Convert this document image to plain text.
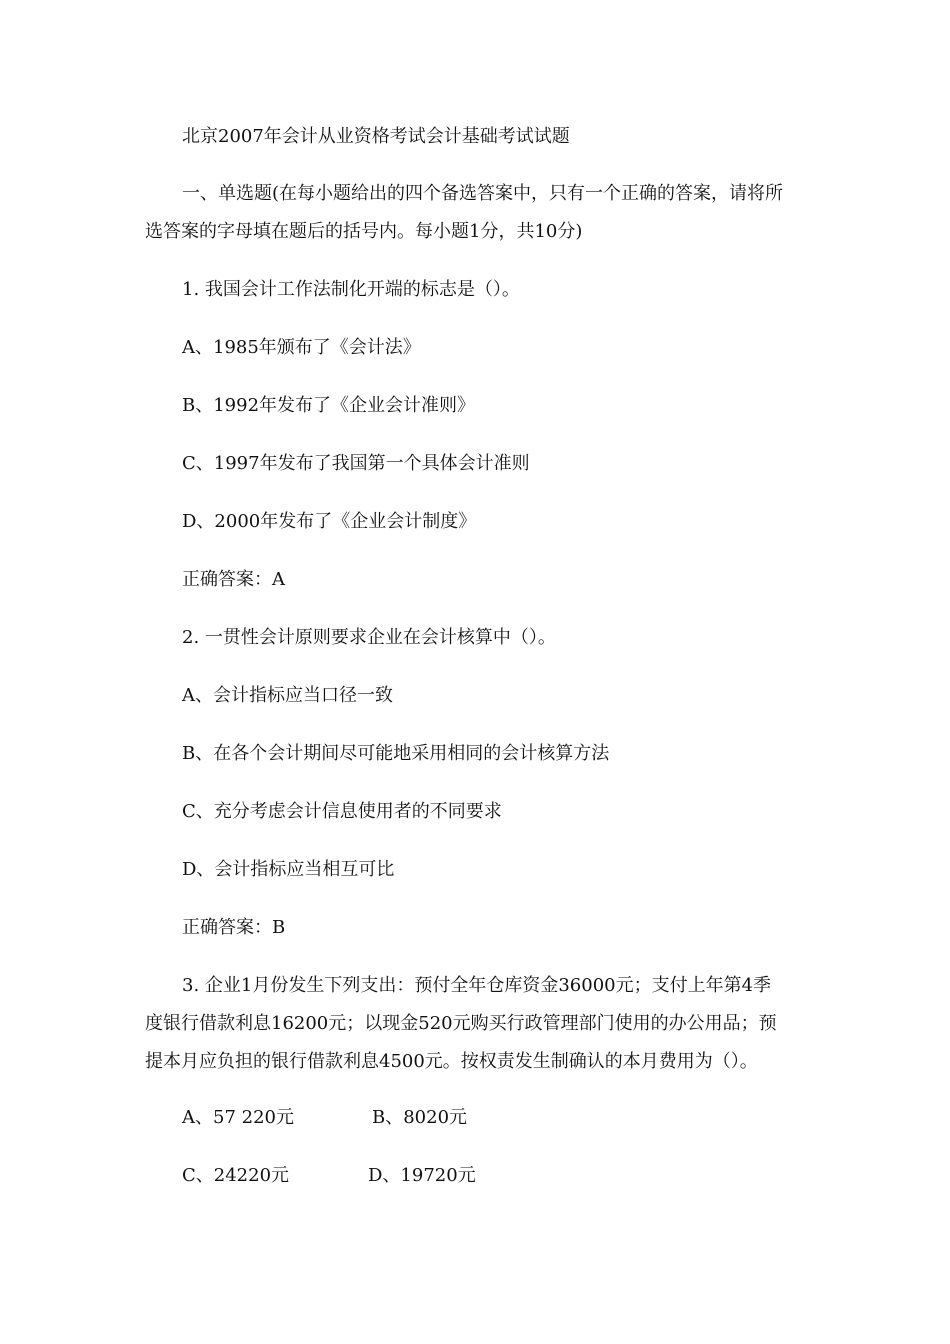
北京2007年会计从业资格考试会计基础考试试题
一、单选题(在每小题给出的四个备选答案中，只有一个正确的答案，请将所
选答案的字母填在题后的括号内。每小题1分，共10分)
1. 我国会计工作法制化开端的标志是（）。
A、1985年颁布了《会计法》
B、1992年发布了《企业会计准则》
C、1997年发布了我国第一个具体会计准则
D、2000年发布了《企业会计制度》
正确答案：A
2. 一贯性会计原则要求企业在会计核算中（）。
A、会计指标应当口径一致
B、在各个会计期间尽可能地采用相同的会计核算方法
C、充分考虑会计信息使用者的不同要求
D、会计指标应当相互可比
正确答案：B
3. 企业1月份发生下列支出：预付全年仓库资金36000元；支付上年第4季
度银行借款利息16200元；以现金520元购买行政管理部门使用的办公用品；预
提本月应负担的银行借款利息4500元。按权责发生制确认的本月费用为（）。
A、57 220元	B、8020元
C、24220元	D、19720元
